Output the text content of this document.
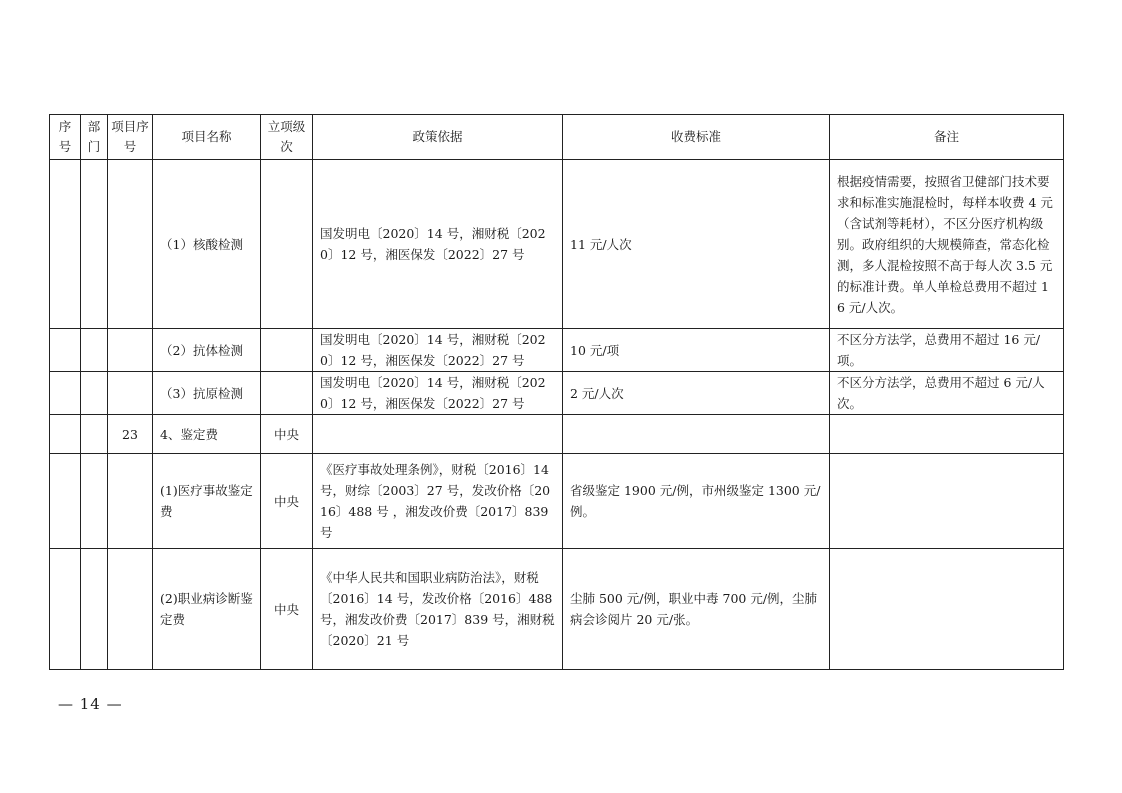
序号	部门	项目序号	项目名称	立项级次	政策依据	收费标准	备注
			（1）核酸检测		国发明电〔2020〕14 号，湘财税〔2020〕12 号，湘医保发〔2022〕27 号	11 元/人次	根据疫情需要，按照省卫健部门技术要求和标准实施混检时，每样本收费 4 元（含试剂等耗材），不区分医疗机构级别。政府组织的大规模筛查，常态化检测，多人混检按照不高于每人次 3.5 元的标准计费。单人单检总费用不超过 16 元/人次。
			（2）抗体检测		国发明电〔2020〕14 号，湘财税〔2020〕12 号，湘医保发〔2022〕27 号	10 元/项	不区分方法学，总费用不超过 16 元/项。
			（3）抗原检测		国发明电〔2020〕14 号，湘财税〔2020〕12 号，湘医保发〔2022〕27 号	2 元/人次	不区分方法学，总费用不超过 6 元/人次。
		23	4、鉴定费	中央			
			(1)医疗事故鉴定费	中央	《医疗事故处理条例》，财税〔2016〕14 号，财综〔2003〕27 号，发改价格〔2016〕488 号 ，湘发改价费〔2017〕839 号	省级鉴定 1900 元/例，市州级鉴定 1300 元/例。	
			(2)职业病诊断鉴定费	中央	《中华人民共和国职业病防治法》，财税〔2016〕14 号，发改价格〔2016〕488 号，湘发改价费〔2017〕839 号，湘财税〔2020〕21 号	尘肺 500 元/例，职业中毒 700 元/例，尘肺病会诊阅片 20 元/张。	
— 14 —
